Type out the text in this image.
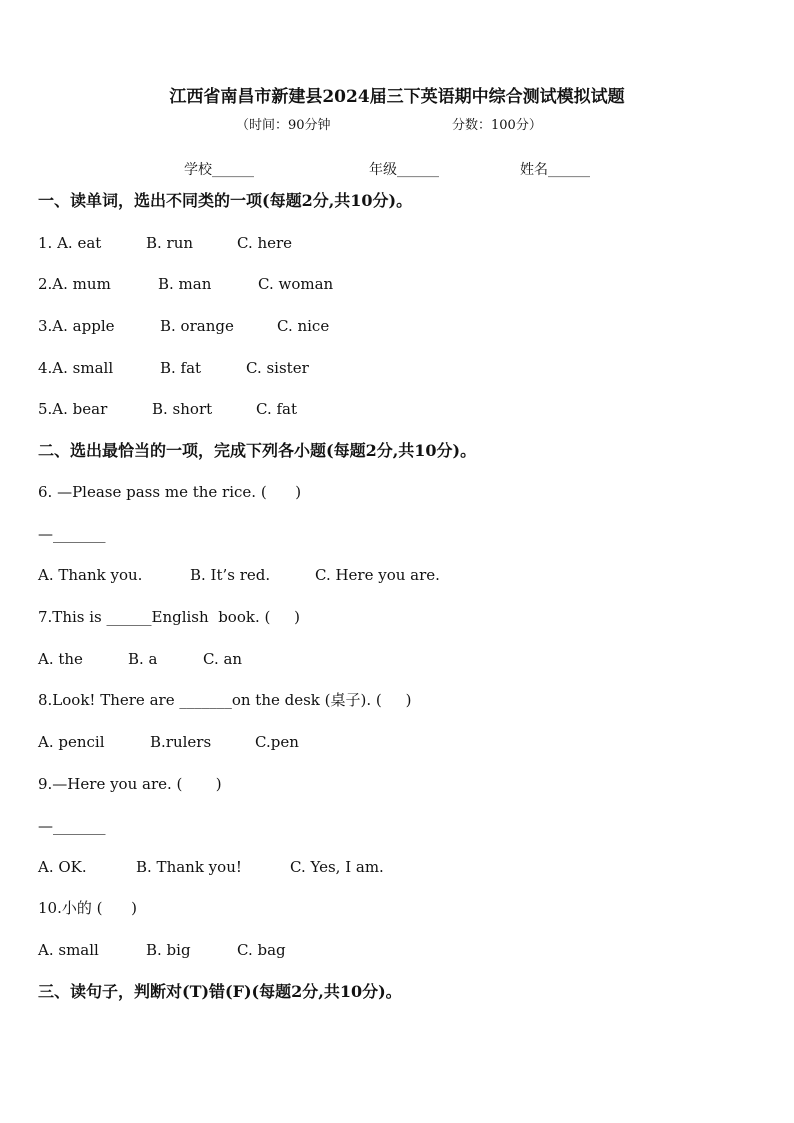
江西省南昌市新建县2024届三下英语期中综合测试模拟试题
（时间：90分钟	分数：100分）
学校______	年级______	姓名______
一、读单词，选出不同类的一项(每题2分,共10分)。
1. A. eat	B. run	C. here
2.A. mum	B. man	C. woman
3.A. apple	B. orange	C. nice
4.A. small	B. fat	C. sister
5.A. bear	B. short	C. fat
二、选出最恰当的一项，完成下列各小题(每题2分,共10分)。
6. —Please pass me the rice. (      )
—_______
A. Thank you.	B. It’s red.	C. Here you are.
7.This is ______English  book. (     )
A. the	B. a	C. an
8.Look! There are _______on the desk (桌子). (     )
A. pencil	B.rulers	C.pen
9.—Here you are. (       )
—_______
A. OK.	B. Thank you!	C. Yes, I am.
10.小的 (      )
A. small	B. big	C. bag
三、读句子，判断对(T)错(F)(每题2分,共10分)。
